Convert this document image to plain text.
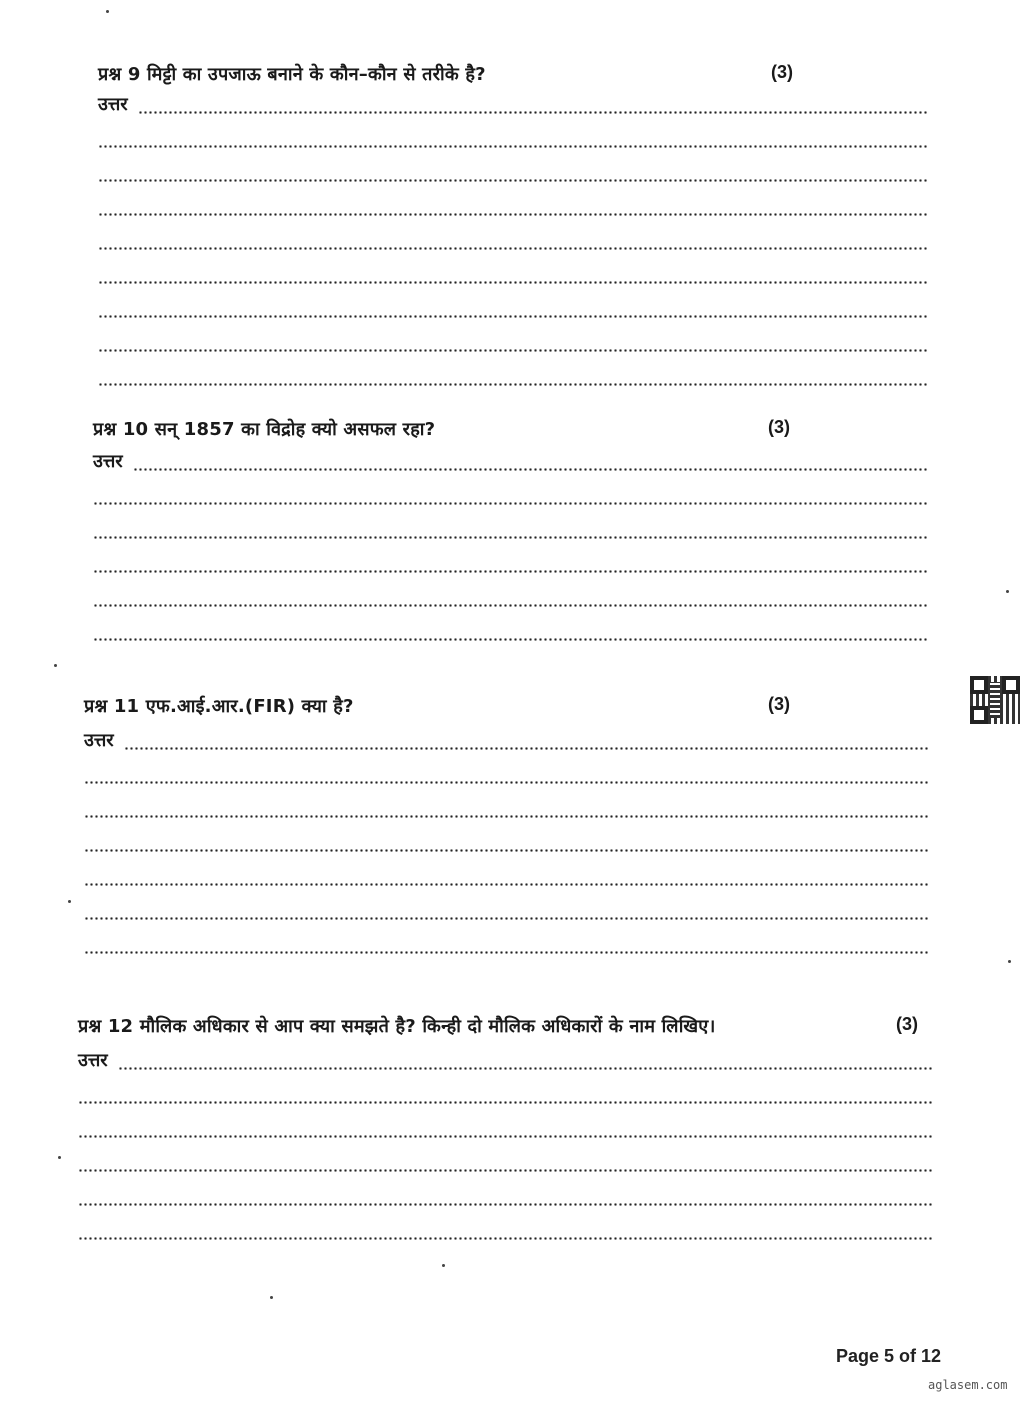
प्रश्न 9 मिट्टी का उपजाऊ बनाने के कौन–कौन से तरीके है?	(3)
उत्तर
प्रश्न 10 सन् 1857 का विद्रोह क्यो असफल रहा?	(3)
उत्तर
प्रश्न 11 एफ.आई.आर.(FIR) क्या है?	(3)
उत्तर
प्रश्न 12 मौलिक अधिकार से आप क्या समझते है? किन्ही दो मौलिक अधिकारों के नाम लिखिए।	(3)
उत्तर
Page 5 of 12
aglasem.com
